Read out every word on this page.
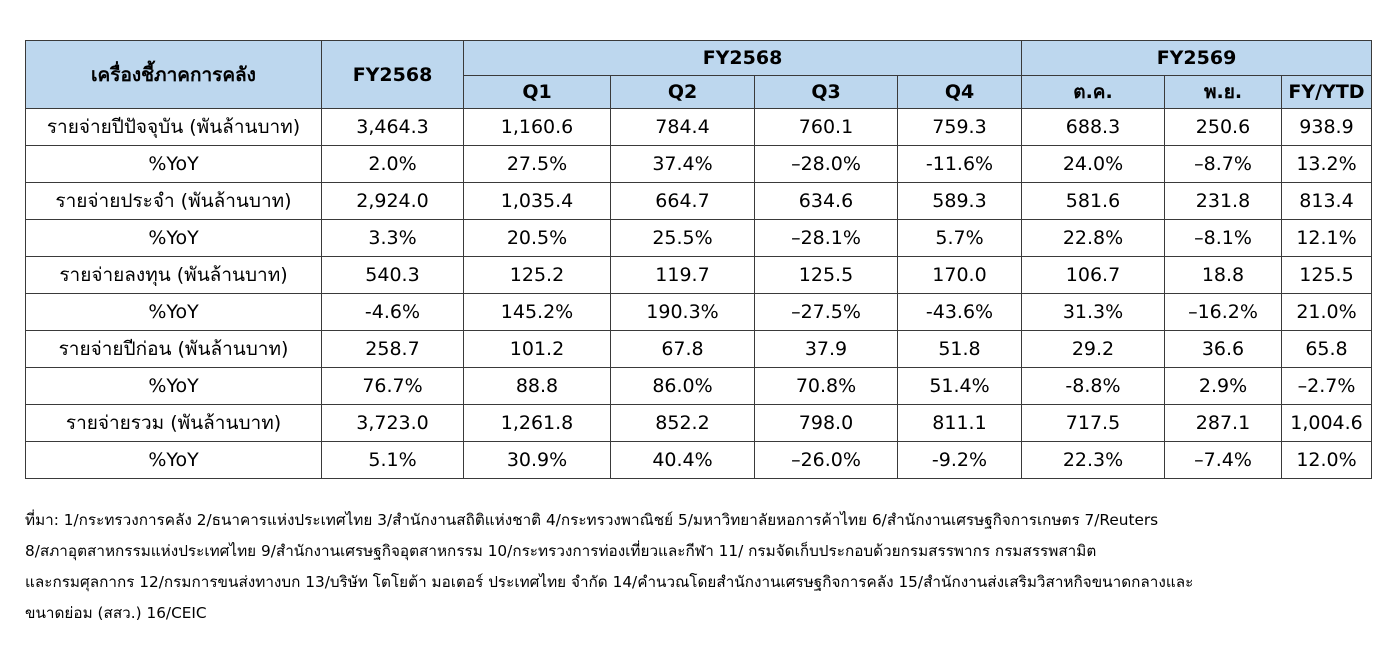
เครื่องชี้ภาคการคลัง	FY2568	FY2568				FY2569		
		Q1	Q2	Q3	Q4	ต.ค.	พ.ย.	FY/YTD
รายจ่ายปีปัจจุบัน (พันล้านบาท)	3,464.3	1,160.6	784.4	760.1	759.3	688.3	250.6	938.9
%YoY	2.0%	27.5%	37.4%	–28.0%	-11.6%	24.0%	–8.7%	13.2%
รายจ่ายประจำ (พันล้านบาท)	2,924.0	1,035.4	664.7	634.6	589.3	581.6	231.8	813.4
%YoY	3.3%	20.5%	25.5%	–28.1%	5.7%	22.8%	–8.1%	12.1%
รายจ่ายลงทุน (พันล้านบาท)	540.3	125.2	119.7	125.5	170.0	106.7	18.8	125.5
%YoY	-4.6%	145.2%	190.3%	–27.5%	-43.6%	31.3%	–16.2%	21.0%
รายจ่ายปีก่อน (พันล้านบาท)	258.7	101.2	67.8	37.9	51.8	29.2	36.6	65.8
%YoY	76.7%	88.8	86.0%	70.8%	51.4%	-8.8%	2.9%	–2.7%
รายจ่ายรวม (พันล้านบาท)	3,723.0	1,261.8	852.2	798.0	811.1	717.5	287.1	1,004.6
%YoY	5.1%	30.9%	40.4%	–26.0%	-9.2%	22.3%	–7.4%	12.0%
ที่มา: 1/กระทรวงการคลัง 2/ธนาคารแห่งประเทศไทย 3/สำนักงานสถิติแห่งชาติ 4/กระทรวงพาณิชย์ 5/มหาวิทยาลัยหอการค้าไทย 6/สำนักงานเศรษฐกิจการเกษตร 7/Reuters
8/สภาอุตสาหกรรมแห่งประเทศไทย 9/สำนักงานเศรษฐกิจอุตสาหกรรม 10/กระทรวงการท่องเที่ยวและกีฬา 11/ กรมจัดเก็บประกอบด้วยกรมสรรพากร กรมสรรพสามิต
และกรมศุลกากร 12/กรมการขนส่งทางบก 13/บริษัท โตโยต้า มอเตอร์ ประเทศไทย จำกัด 14/คำนวณโดยสำนักงานเศรษฐกิจการคลัง 15/สำนักงานส่งเสริมวิสาหกิจขนาดกลางและ
ขนาดย่อม (สสว.) 16/CEIC
